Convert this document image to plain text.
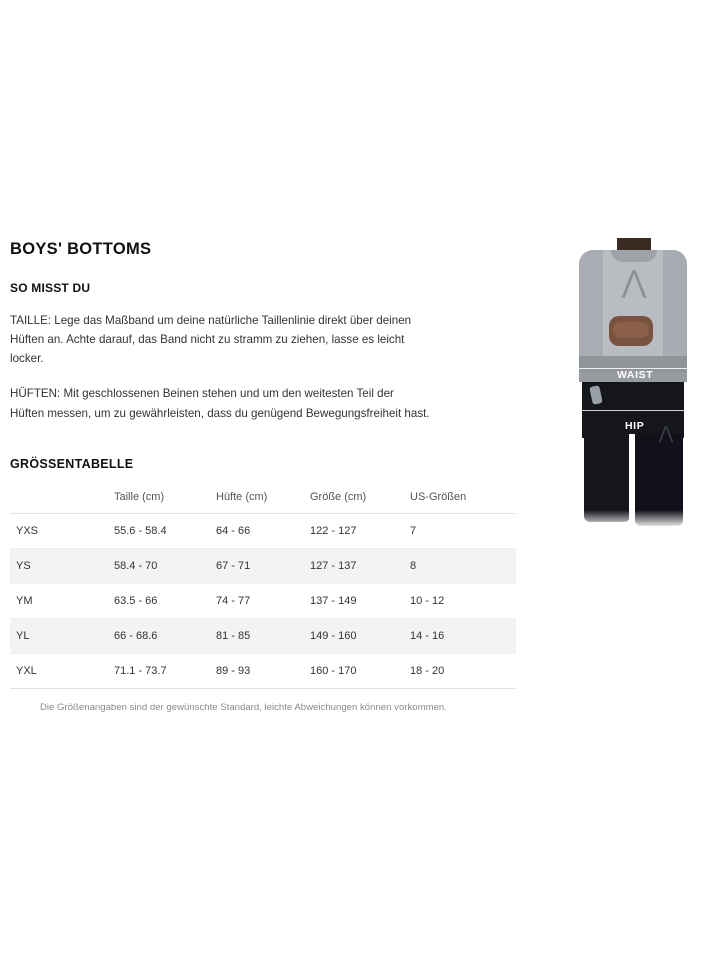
BOYS' BOTTOMS
SO MISST DU

TAILLE: Lege das Maßband um deine natürliche Taillenlinie direkt über deinen Hüften an. Achte darauf, das Band nicht zu stramm zu ziehen, lasse es leicht locker.

HÜFTEN: Mit geschlossenen Beinen stehen und um den weitesten Teil der Hüften messen, um zu gewährleisten, dass du genügend Bewegungsfreiheit hast.

GRÖSSENTABELLE
	Taille (cm)	Hüfte (cm)	Größe (cm)	US-Größen
YXS	55.6 - 58.4	64 - 66	122 - 127	7
YS	58.4 - 70	67 - 71	127 - 137	8
YM	63.5 - 66	74 - 77	137 - 149	10 - 12
YL	66 - 68.6	81 - 85	149 - 160	14 - 16
YXL	71.1 - 73.7	89 - 93	160 - 170	18 - 20
Die Größenangaben sind der gewünschte Standard, leichte Abweichungen können vorkommen.
⋀
⋀
WAIST
HIP
